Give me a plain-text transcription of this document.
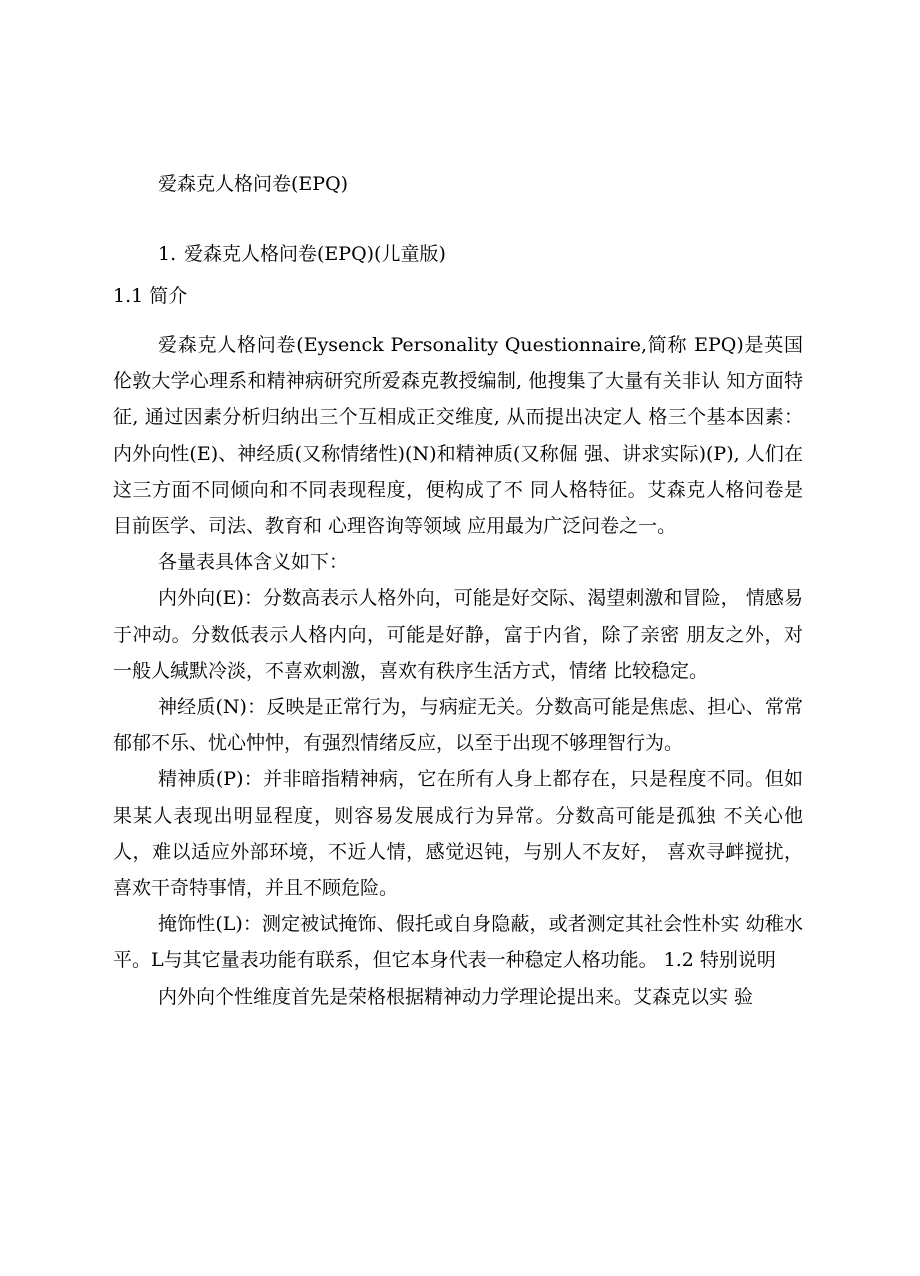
爱森克人格问卷(EPQ)
1. 爱森克人格问卷(EPQ)(儿童版)
1.1 简介

爱森克人格问卷(Eysenck Personality Questionnaire,简称 EPQ)是英国 伦敦大学心理系和精神病研究所爱森克教授编制, 他搜集了大量有关非认 知方面特征, 通过因素分析归纳出三个互相成正交维度, 从而提出决定人 格三个基本因素：内外向性(E)、神经质(又称情绪性)(N)和精神质(又称倔 强、讲求实际)(P), 人们在这三方面不同倾向和不同表现程度，便构成了不 同人格特征。艾森克人格问卷是目前医学、司法、教育和 心理咨询等领域 应用最为广泛问卷之一。

各量表具体含义如下：

内外向(E)：分数高表示人格外向，可能是好交际、渴望刺激和冒险， 情感易于冲动。分数低表示人格内向，可能是好静，富于内省，除了亲密 朋友之外，对一般人缄默冷淡，不喜欢刺激，喜欢有秩序生活方式，情绪 比较稳定。

神经质(N)：反映是正常行为，与病症无关。分数高可能是焦虑、担心、常常郁郁不乐、忧心忡忡，有强烈情绪反应，以至于出现不够理智行为。

精神质(P)：并非暗指精神病，它在所有人身上都存在，只是程度不同。但如果某人表现出明显程度，则容易发展成行为异常。分数高可能是孤独 不关心他人，难以适应外部环境，不近人情，感觉迟钝，与别人不友好， 喜欢寻衅搅扰，喜欢干奇特事情，并且不顾危险。

掩饰性(L)：测定被试掩饰、假托或自身隐蔽，或者测定其社会性朴实 幼稚水平。L与其它量表功能有联系，但它本身代表一种稳定人格功能。 1.2 特别说明

内外向个性维度首先是荣格根据精神动力学理论提出来。艾森克以实 验
